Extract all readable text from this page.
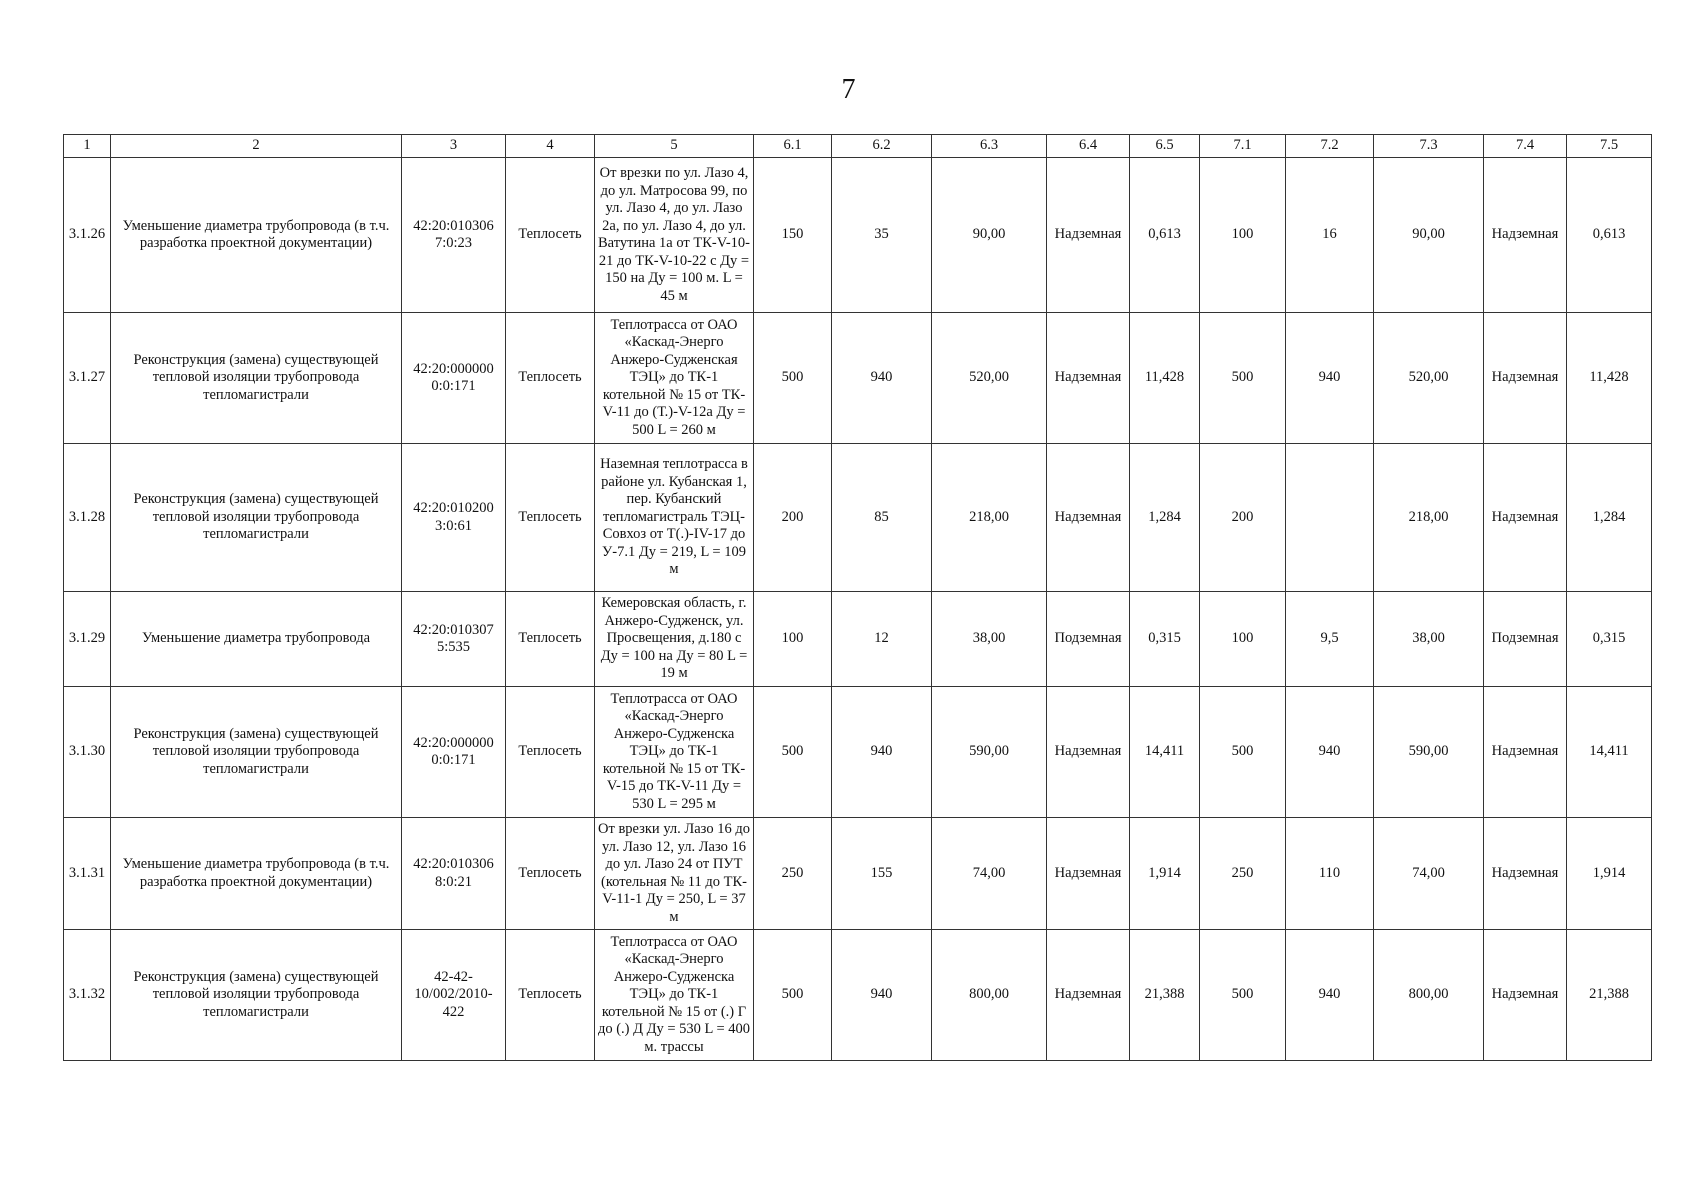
7
1	2	3	4	5	6.1	6.2	6.3	6.4	6.5	7.1	7.2	7.3	7.4	7.5
3.1.26	Уменьшение диаметра трубопровода (в т.ч. разработка проектной документации)	42:20:010306 7:0:23	Теплосеть	От врезки по ул. Лазо 4, до ул. Матросова 99, по ул. Лазо 4, до ул. Лазо 2а, по ул. Лазо 4, до ул. Ватутина 1а от ТК-V-10-21 до ТК-V-10-22 с Ду = 150 на Ду = 100 м. L = 45 м	150	35	90,00	Надземная	0,613	100	16	90,00	Надземная	0,613
3.1.27	Реконструкция (замена) существующей тепловой изоляции трубопровода тепломагистрали	42:20:000000 0:0:171	Теплосеть	Теплотрасса от ОАО «Каскад-Энерго Анжеро-Судженская ТЭЦ» до ТК-1 котельной № 15 от ТК-V-11 до (Т.)-V-12а Ду = 500 L = 260 м	500	940	520,00	Надземная	11,428	500	940	520,00	Надземная	11,428
3.1.28	Реконструкция (замена) существующей тепловой изоляции трубопровода тепломагистрали	42:20:010200 3:0:61	Теплосеть	Наземная теплотрасса в районе ул. Кубанская 1, пер. Кубанский тепломагистраль ТЭЦ-Совхоз от Т(.)-IV-17 до У-7.1 Ду = 219, L = 109 м	200	85	218,00	Надземная	1,284	200		218,00	Надземная	1,284
3.1.29	Уменьшение диаметра трубопровода	42:20:010307 5:535	Теплосеть	Кемеровская область, г. Анжеро-Судженск, ул. Просвещения, д.180 с Ду = 100 на Ду = 80 L = 19 м	100	12	38,00	Подземная	0,315	100	9,5	38,00	Подземная	0,315
3.1.30	Реконструкция (замена) существующей тепловой изоляции трубопровода тепломагистрали	42:20:000000 0:0:171	Теплосеть	Теплотрасса от ОАО «Каскад-Энерго Анжеро-Судженска ТЭЦ» до ТК-1 котельной № 15 от ТК-V-15 до ТК-V-11 Ду = 530 L = 295 м	500	940	590,00	Надземная	14,411	500	940	590,00	Надземная	14,411
3.1.31	Уменьшение диаметра трубопровода (в т.ч. разработка проектной документации)	42:20:010306 8:0:21	Теплосеть	От врезки ул. Лазо 16 до ул. Лазо 12, ул. Лазо 16 до ул. Лазо 24 от ПУТ (котельная № 11 до ТК-V-11-1 Ду = 250, L = 37 м	250	155	74,00	Надземная	1,914	250	110	74,00	Надземная	1,914
3.1.32	Реконструкция (замена) существующей тепловой изоляции трубопровода тепломагистрали	42-42-10/002/2010-422	Теплосеть	Теплотрасса от ОАО «Каскад-Энерго Анжеро-Судженска ТЭЦ» до ТК-1 котельной № 15 от (.) Г до (.) Д Ду = 530 L = 400 м. трассы	500	940	800,00	Надземная	21,388	500	940	800,00	Надземная	21,388
